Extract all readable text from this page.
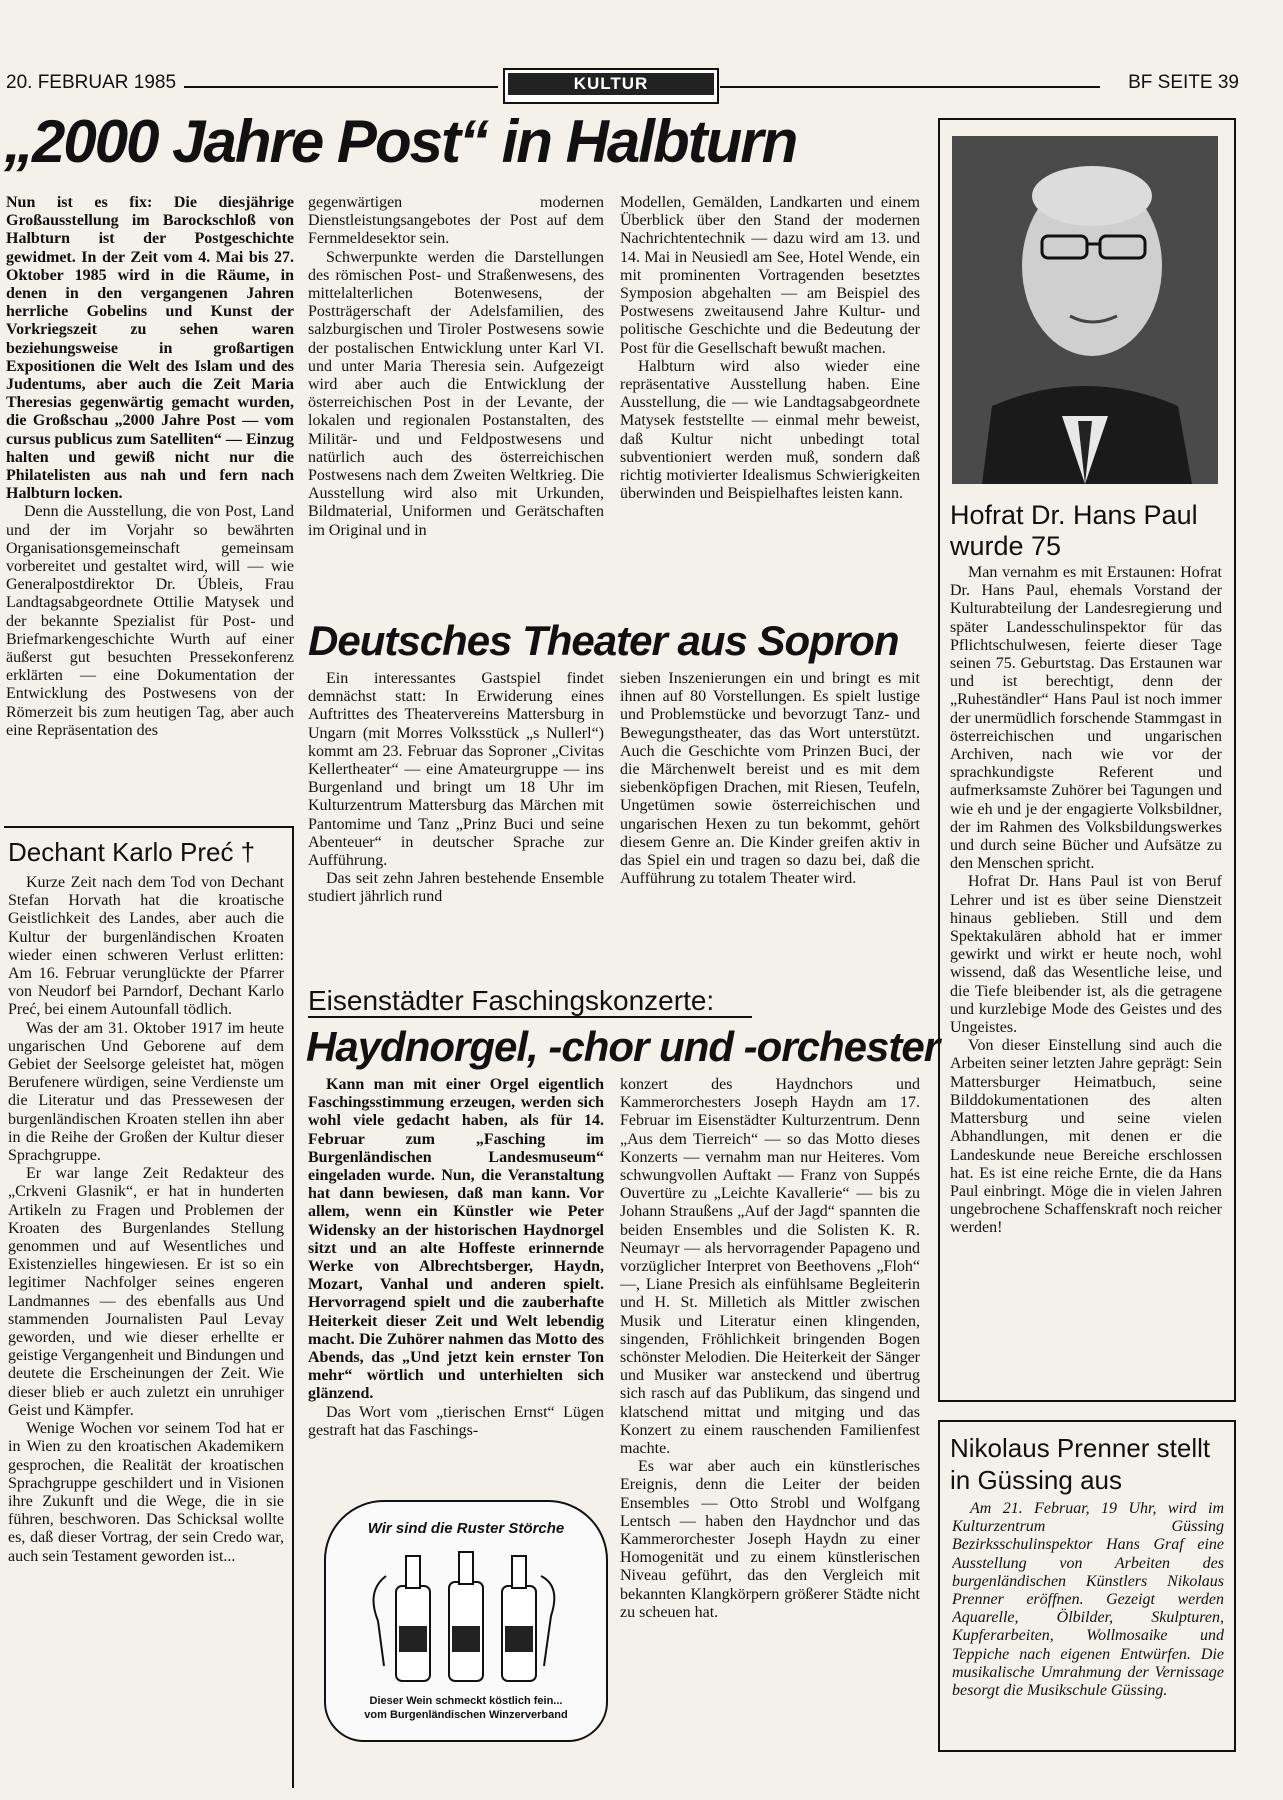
20. FEBRUAR 1985	KULTUR	BF SEITE 39
„2000 Jahre Post“ in Halbturn

Nun ist es fix: Die diesjährige Großausstellung im Barockschloß von Halbturn ist der Postgeschichte gewidmet. In der Zeit vom 4. Mai bis 27. Oktober 1985 wird in die Räume, in denen in den vergangenen Jahren herrliche Gobelins und Kunst der Vorkriegszeit zu sehen waren beziehungsweise in großartigen Expositionen die Welt des Islam und des Judentums, aber auch die Zeit Maria Theresias gegenwärtig gemacht wurden, die Großschau „2000 Jahre Post — vom cursus publicus zum Satelliten“ — Einzug halten und gewiß nicht nur die Philatelisten aus nah und fern nach Halbturn locken.

Denn die Ausstellung, die von Post, Land und der im Vorjahr so bewährten Organisationsgemeinschaft gemeinsam vorbereitet und gestaltet wird, will — wie Generalpostdirektor Dr. Úbleis, Frau Landtagsabgeordnete Ottilie Matysek und der bekannte Spezialist für Post- und Briefmarkengeschichte Wurth auf einer äußerst gut besuchten Pressekonferenz erklärten — eine Dokumentation der Entwicklung des Postwesens von der Römerzeit bis zum heutigen Tag, aber auch eine Repräsentation des

gegenwärtigen modernen Dienstleistungsangebotes der Post auf dem Fernmeldesektor sein.

Schwerpunkte werden die Darstellungen des römischen Post- und Straßenwesens, des mittelalterlichen Botenwesens, der Postträgerschaft der Adelsfamilien, des salzburgischen und Tiroler Postwesens sowie der postalischen Entwicklung unter Karl VI. und unter Maria Theresia sein. Aufgezeigt wird aber auch die Entwicklung der österreichischen Post in der Levante, der lokalen und regionalen Postanstalten, des Militär- und und Feldpostwesens und natürlich auch des österreichischen Postwesens nach dem Zweiten Weltkrieg. Die Ausstellung wird also mit Urkunden, Bildmaterial, Uniformen und Gerätschaften im Original und in

Modellen, Gemälden, Landkarten und einem Überblick über den Stand der modernen Nachrichtentechnik — dazu wird am 13. und 14. Mai in Neusiedl am See, Hotel Wende, ein mit prominenten Vortragenden besetztes Symposion abgehalten — am Beispiel des Postwesens zweitausend Jahre Kultur- und politische Geschichte und die Bedeutung der Post für die Gesellschaft bewußt machen.

Halbturn wird also wieder eine repräsentative Ausstellung haben. Eine Ausstellung, die — wie Landtagsabgeordnete Matysek feststellte — einmal mehr beweist, daß Kultur nicht unbedingt total subventioniert werden muß, sondern daß richtig motivierter Idealismus Schwierigkeiten überwinden und Beispielhaftes leisten kann.

Hofrat Dr. Hans Paul wurde 75

Man vernahm es mit Erstaunen: Hofrat Dr. Hans Paul, ehemals Vorstand der Kulturabteilung der Landesregierung und später Landesschulinspektor für das Pflichtschulwesen, feierte dieser Tage seinen 75. Geburtstag. Das Erstaunen war und ist berechtigt, denn der „Ruheständler“ Hans Paul ist noch immer der unermüdlich forschende Stammgast in österreichischen und ungarischen Archiven, nach wie vor der sprachkundigste Referent und aufmerksamste Zuhörer bei Tagungen und wie eh und je der engagierte Volksbildner, der im Rahmen des Volksbildungswerkes und durch seine Bücher und Aufsätze zu den Menschen spricht.

Hofrat Dr. Hans Paul ist von Beruf Lehrer und ist es über seine Dienstzeit hinaus geblieben. Still und dem Spektakulären abhold hat er immer gewirkt und wirkt er heute noch, wohl wissend, daß das Wesentliche leise, und die Tiefe bleibender ist, als die getragene und kurzlebige Mode des Geistes und des Ungeistes.

Von dieser Einstellung sind auch die Arbeiten seiner letzten Jahre geprägt: Sein Mattersburger Heimatbuch, seine Bilddokumentationen des alten Mattersburg und seine vielen Abhandlungen, mit denen er die Landeskunde neue Bereiche erschlossen hat. Es ist eine reiche Ernte, die da Hans Paul einbringt. Möge die in vielen Jahren ungebrochene Schaffenskraft noch reicher werden!

Deutsches Theater aus Sopron

Ein interessantes Gastspiel findet demnächst statt: In Erwiderung eines Auftrittes des Theatervereins Mattersburg in Ungarn (mit Morres Volksstück „s Nullerl“) kommt am 23. Februar das Soproner „Civitas Kellertheater“ — eine Amateurgruppe — ins Burgenland und bringt um 18 Uhr im Kulturzentrum Mattersburg das Märchen mit Pantomime und Tanz „Prinz Buci und seine Abenteuer“ in deutscher Sprache zur Aufführung.

Das seit zehn Jahren bestehende Ensemble studiert jährlich rund

sieben Inszenierungen ein und bringt es mit ihnen auf 80 Vorstellungen. Es spielt lustige und Problemstücke und bevorzugt Tanz- und Bewegungstheater, das das Wort unterstützt. Auch die Geschichte vom Prinzen Buci, der die Märchenwelt bereist und es mit dem siebenköpfigen Drachen, mit Riesen, Teufeln, Ungetümen sowie österreichischen und ungarischen Hexen zu tun bekommt, gehört diesem Genre an. Die Kinder greifen aktiv in das Spiel ein und tragen so dazu bei, daß die Aufführung zu totalem Theater wird.

Dechant Karlo Preć †

Kurze Zeit nach dem Tod von Dechant Stefan Horvath hat die kroatische Geistlichkeit des Landes, aber auch die Kultur der burgenländischen Kroaten wieder einen schweren Verlust erlitten: Am 16. Februar verunglückte der Pfarrer von Neudorf bei Parndorf, Dechant Karlo Preć, bei einem Autounfall tödlich.

Was der am 31. Oktober 1917 im heute ungarischen Und Geborene auf dem Gebiet der Seelsorge geleistet hat, mögen Berufenere würdigen, seine Verdienste um die Literatur und das Pressewesen der burgenländischen Kroaten stellen ihn aber in die Reihe der Großen der Kultur dieser Sprachgruppe.

Er war lange Zeit Redakteur des „Crkveni Glasnik“, er hat in hunderten Artikeln zu Fragen und Problemen der Kroaten des Burgenlandes Stellung genommen und auf Wesentliches und Existenzielles hingewiesen. Er ist so ein legitimer Nachfolger seines engeren Landmannes — des ebenfalls aus Und stammenden Journalisten Paul Levay geworden, und wie dieser erhellte er geistige Vergangenheit und Bindungen und deutete die Erscheinungen der Zeit. Wie dieser blieb er auch zuletzt ein unruhiger Geist und Kämpfer.

Wenige Wochen vor seinem Tod hat er in Wien zu den kroatischen Akademikern gesprochen, die Realität der kroatischen Sprachgruppe geschildert und in Visionen ihre Zukunft und die Wege, die in sie führen, beschworen. Das Schicksal wollte es, daß dieser Vortrag, der sein Credo war, auch sein Testament geworden ist...

Eisenstädter Faschingskonzerte:
Haydnorgel, -chor und -orchester

Kann man mit einer Orgel eigentlich Faschingsstimmung erzeugen, werden sich wohl viele gedacht haben, als für 14. Februar zum „Fasching im Burgenländischen Landesmuseum“ eingeladen wurde. Nun, die Veranstaltung hat dann bewiesen, daß man kann. Vor allem, wenn ein Künstler wie Peter Widensky an der historischen Haydnorgel sitzt und an alte Hoffeste erinnernde Werke von Albrechtsberger, Haydn, Mozart, Vanhal und anderen spielt. Hervorragend spielt und die zauberhafte Heiterkeit dieser Zeit und Welt lebendig macht. Die Zuhörer nahmen das Motto des Abends, das „Und jetzt kein ernster Ton mehr“ wörtlich und unterhielten sich glänzend.

Das Wort vom „tierischen Ernst“ Lügen gestraft hat das Faschings-

konzert des Haydnchors und Kammerorchesters Joseph Haydn am 17. Februar im Eisenstädter Kulturzentrum. Denn „Aus dem Tierreich“ — so das Motto dieses Konzerts — vernahm man nur Heiteres. Vom schwungvollen Auftakt — Franz von Suppés Ouvertüre zu „Leichte Kavallerie“ — bis zu Johann Straußens „Auf der Jagd“ spannten die beiden Ensembles und die Solisten K. R. Neumayr — als hervorragender Papageno und vorzüglicher Interpret von Beethovens „Floh“ —, Liane Presich als einfühlsame Begleiterin und H. St. Milletich als Mittler zwischen Musik und Literatur einen klingenden, singenden, Fröhlichkeit bringenden Bogen schönster Melodien. Die Heiterkeit der Sänger und Musiker war ansteckend und übertrug sich rasch auf das Publikum, das singend und klatschend mittat und mitging und das Konzert zu einem rauschenden Familienfest machte.

Es war aber auch ein künstlerisches Ereignis, denn die Leiter der beiden Ensembles — Otto Strobl und Wolfgang Lentsch — haben den Haydnchor und das Kammerorchester Joseph Haydn zu einer Homogenität und zu einem künstlerischen Niveau geführt, das den Vergleich mit bekannten Klangkörpern größerer Städte nicht zu scheuen hat.

Wir sind die Ruster Störche
Dieser Wein schmeckt köstlich fein...
vom Burgenländischen Winzerverband
Nikolaus Prenner stellt in Güssing aus

Am 21. Februar, 19 Uhr, wird im Kulturzentrum Güssing Bezirksschulinspektor Hans Graf eine Ausstellung von Arbeiten des burgenländischen Künstlers Nikolaus Prenner eröffnen. Gezeigt werden Aquarelle, Ölbilder, Skulpturen, Kupferarbeiten, Wollmosaike und Teppiche nach eigenen Entwürfen. Die musikalische Umrahmung der Vernissage besorgt die Musikschule Güssing.
